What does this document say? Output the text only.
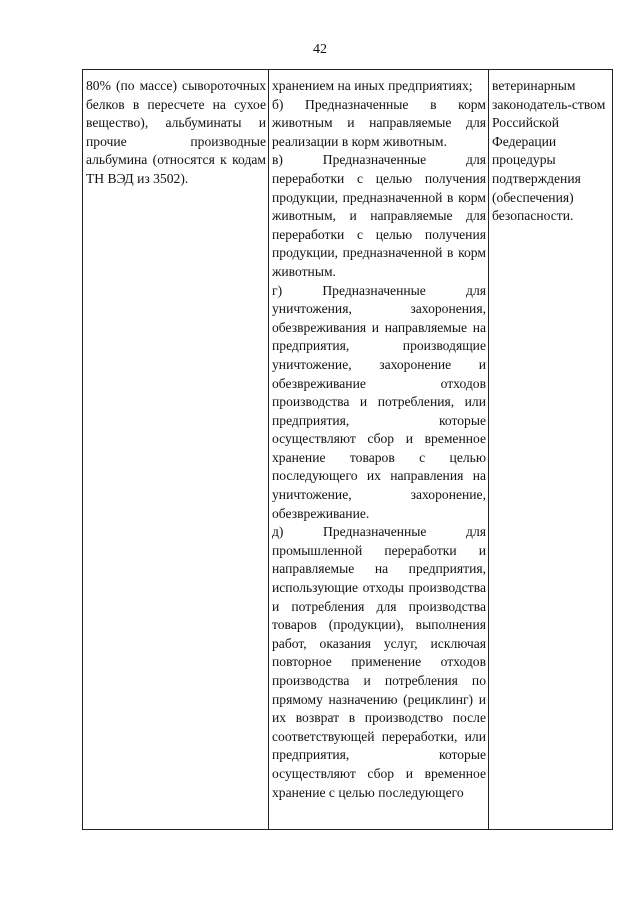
42
80% (по массе) сывороточных белков в пересчете на сухое вещество), альбуминаты и прочие производные альбумина (относятся к кодам ТН ВЭД из 3502).

хранением на иных предприятиях;
б) Предназначенные в корм животным и направляемые для реализации в корм животным.
в) Предназначенные для переработки с целью получения продукции, предназначенной в корм животным, и направляемые для переработки с целью получения продукции, предназначенной в корм животным.
г) Предназначенные для уничтожения, захоронения, обезвреживания и направляемые на предприятия, производящие уничтожение, захоронение и обезвреживание отходов производства и потребления, или предприятия, которые осуществляют сбор и временное хранение товаров с целью последующего их направления на уничтожение, захоронение, обезвреживание.
д) Предназначенные для промышленной переработки и направляемые на предприятия, использующие отходы производства и потребления для производства товаров (продукции), выполнения работ, оказания услуг, исключая повторное применение отходов производства и потребления по прямому назначению (рециклинг) и их возврат в производство после соответствующей переработки, или предприятия, которые осуществляют сбор и временное хранение с целью последующего

ветеринарным законодатель-ством Российской Федерации процедуры подтверждения (обеспечения) безопасности.
